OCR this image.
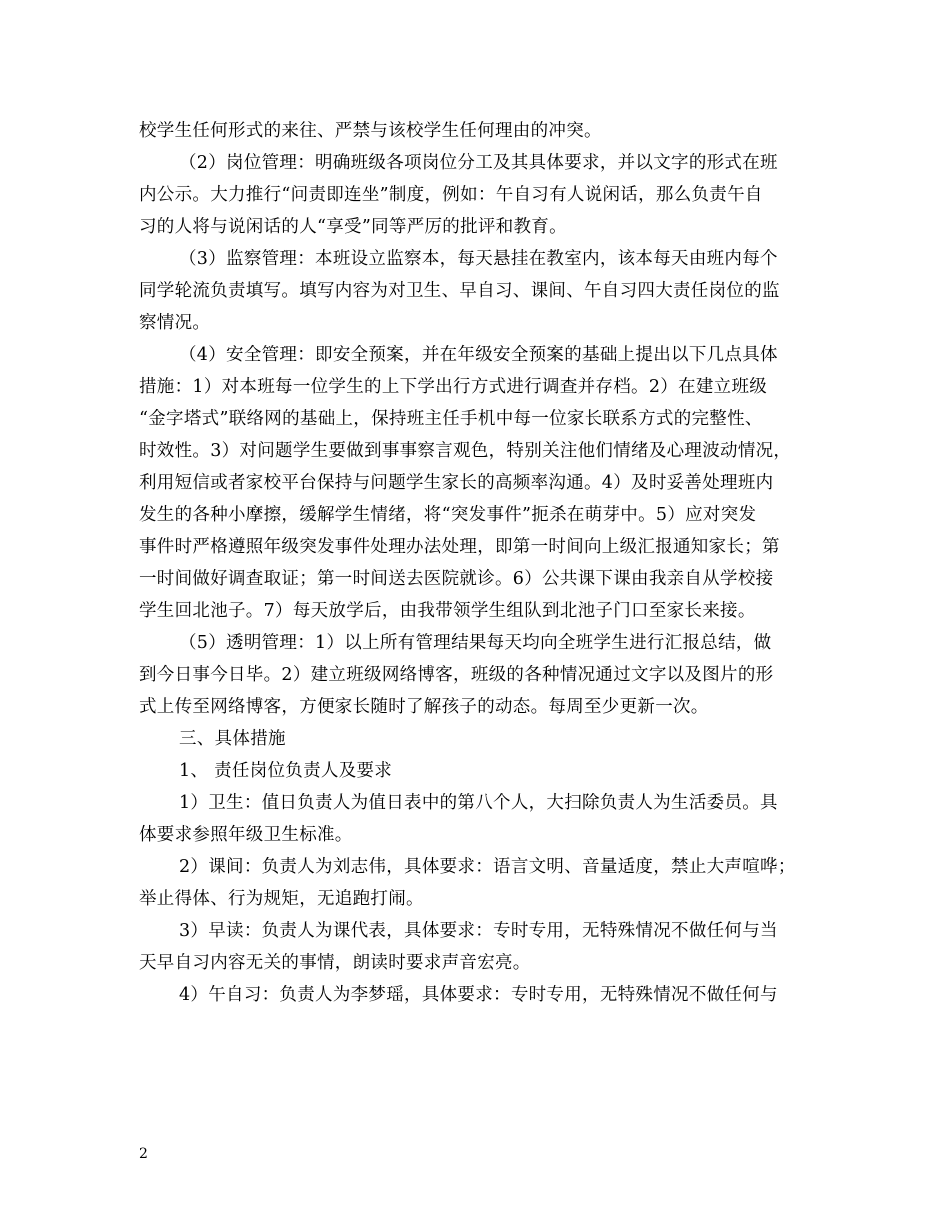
校学生任何形式的来往、严禁与该校学生任何理由的冲突。
（2）岗位管理：明确班级各项岗位分工及其具体要求，并以文字的形式在班
内公示。大力推行“问责即连坐”制度，例如：午自习有人说闲话，那么负责午自
习的人将与说闲话的人“享受”同等严厉的批评和教育。
（3）监察管理：本班设立监察本，每天悬挂在教室内，该本每天由班内每个
同学轮流负责填写。填写内容为对卫生、早自习、课间、午自习四大责任岗位的监
察情况。
（4）安全管理：即安全预案，并在年级安全预案的基础上提出以下几点具体
措施：1）对本班每一位学生的上下学出行方式进行调查并存档。2）在建立班级
“金字塔式”联络网的基础上，保持班主任手机中每一位家长联系方式的完整性、
时效性。3）对问题学生要做到事事察言观色，特别关注他们情绪及心理波动情况，
利用短信或者家校平台保持与问题学生家长的高频率沟通。4）及时妥善处理班内
发生的各种小摩擦，缓解学生情绪，将“突发事件”扼杀在萌芽中。5）应对突发
事件时严格遵照年级突发事件处理办法处理，即第一时间向上级汇报通知家长；第
一时间做好调查取证；第一时间送去医院就诊。6）公共课下课由我亲自从学校接
学生回北池子。7）每天放学后，由我带领学生组队到北池子门口至家长来接。
（5）透明管理：1）以上所有管理结果每天均向全班学生进行汇报总结，做
到今日事今日毕。2）建立班级网络博客，班级的各种情况通过文字以及图片的形
式上传至网络博客，方便家长随时了解孩子的动态。每周至少更新一次。
三、具体措施
1、 责任岗位负责人及要求
1）卫生：值日负责人为值日表中的第八个人，大扫除负责人为生活委员。具
体要求参照年级卫生标准。
2）课间：负责人为刘志伟，具体要求：语言文明、音量适度，禁止大声喧哗；
举止得体、行为规矩，无追跑打闹。
3）早读：负责人为课代表，具体要求：专时专用，无特殊情况不做任何与当
天早自习内容无关的事情，朗读时要求声音宏亮。
4）午自习：负责人为李梦瑶，具体要求：专时专用，无特殊情况不做任何与
2
